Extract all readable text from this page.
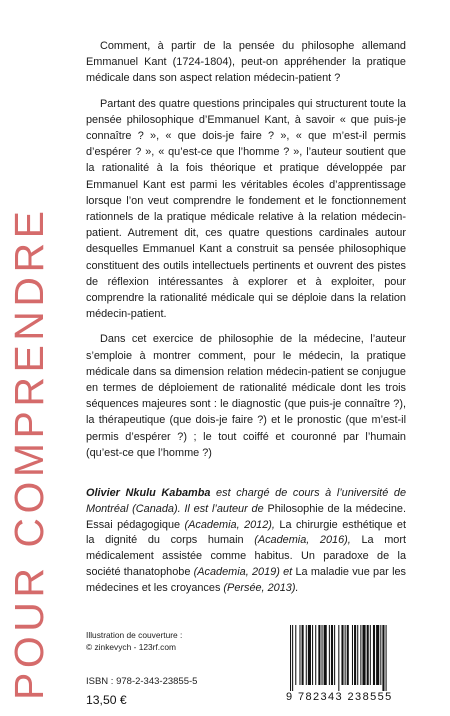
POUR COMPRENDRE

Comment, à partir de la pensée du philosophe allemand Emmanuel Kant (1724-1804), peut-on appréhender la pratique médicale dans son aspect relation médecin-patient ?

Partant des quatre questions principales qui structurent toute la pensée philosophique d’Emmanuel Kant, à savoir « que puis-je connaître ? », « que dois-je faire ? », « que m’est-il permis d’espérer ? », « qu’est-ce que l’homme ? », l’auteur soutient que la rationalité à la fois théorique et pratique développée par Emmanuel Kant est parmi les véritables écoles d’apprentissage lorsque l’on veut comprendre le fondement et le fonctionnement rationnels de la pratique médicale relative à la relation médecin-patient. Autrement dit, ces quatre questions cardinales autour desquelles Emmanuel Kant a construit sa pensée philosophique constituent des outils intellectuels pertinents et ouvrent des pistes de réflexion intéressantes à explorer et à exploiter, pour comprendre la rationalité médicale qui se déploie dans la relation médecin-patient.

Dans cet exercice de philosophie de la médecine, l’auteur s’emploie à montrer comment, pour le médecin, la pratique médicale dans sa dimension relation médecin-patient se conjugue en termes de déploiement de rationalité médicale dont les trois séquences majeures sont : le diagnostic (que puis-je connaître ?), la thérapeutique (que dois-je faire ?) et le pronostic (que m’est-il permis d’espérer ?) ; le tout coiffé et couronné par l’humain (qu’est-ce que l’homme ?)

Olivier Nkulu Kabamba est chargé de cours à l’université de Montréal (Canada). Il est l’auteur de Philosophie de la médecine. Essai pédagogique (Academia, 2012), La chirurgie esthétique et la dignité du corps humain (Academia, 2016), La mort médicalement assistée comme habitus. Un paradoxe de la société thanatophobe (Academia, 2019) et La maladie vue par les médecines et les croyances (Persée, 2013).
Illustration de couverture :
© zinkevych - 123rf.com
ISBN : 978-2-343-23855-5
13,50 €	9 782343 238555
